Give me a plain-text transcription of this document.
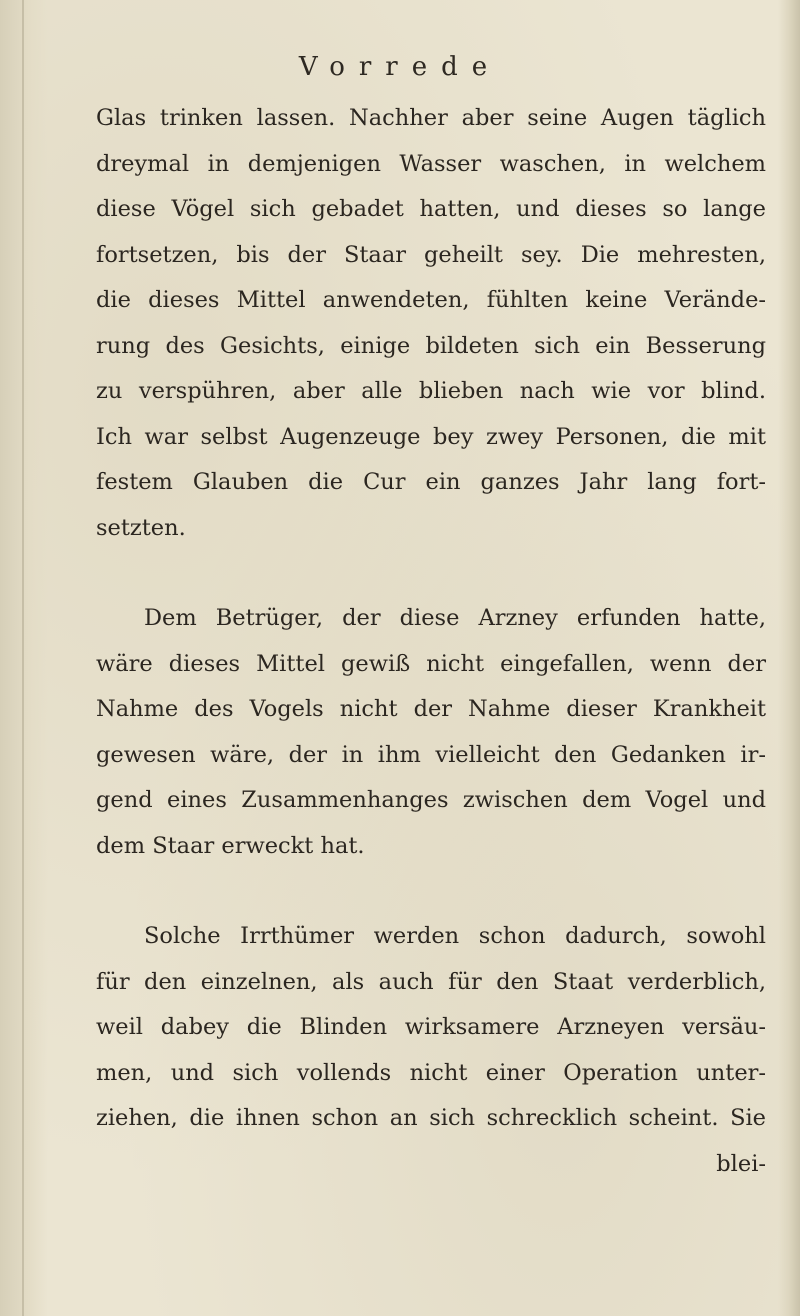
Vorrede
Glas trinken lassen. Nachher aber seine Augen täglich
dreymal in demjenigen Wasser waschen, in welchem
diese Vögel sich gebadet hatten, und dieses so lange
fortsetzen, bis der Staar geheilt sey. Die mehresten,
die dieses Mittel anwendeten, fühlten keine Verände-
rung des Gesichts, einige bildeten sich ein Besserung
zu verspühren, aber alle blieben nach wie vor blind.
Ich war selbst Augenzeuge bey zwey Personen, die mit
festem Glauben die Cur ein ganzes Jahr lang fort-
setzten.
Dem Betrüger, der diese Arzney erfunden hatte,
wäre dieses Mittel gewiß nicht eingefallen, wenn der
Nahme des Vogels nicht der Nahme dieser Krankheit
gewesen wäre, der in ihm vielleicht den Gedanken ir-
gend eines Zusammenhanges zwischen dem Vogel und
dem Staar erweckt hat.
Solche Irrthümer werden schon dadurch, sowohl
für den einzelnen, als auch für den Staat verderblich,
weil dabey die Blinden wirksamere Arzneyen versäu-
men, und sich vollends nicht einer Operation unter-
ziehen, die ihnen schon an sich schrecklich scheint. Sie
blei-
